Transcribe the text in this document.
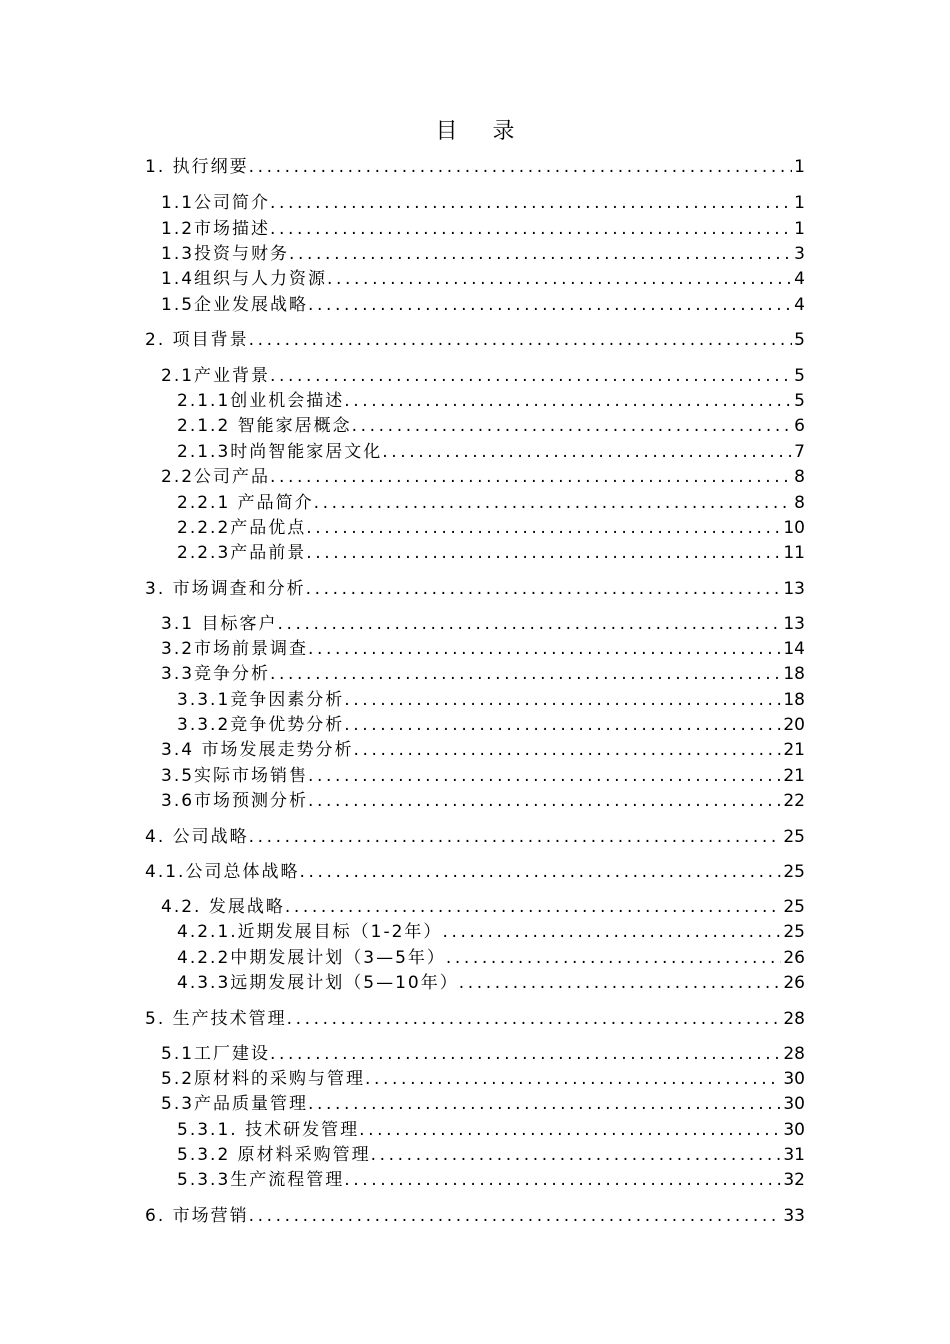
目 录
1. 执行纲要 .....	1
1.1公司简介 .....	1
1.2市场描述 .....	1
1.3投资与财务 .....	3
1.4组织与人力资源 .....	4
1.5企业发展战略 .....	4
2. 项目背景 .....	5
2.1产业背景 .....	5
2.1.1创业机会描述 .....	5
2.1.2 智能家居概念 .....	6
2.1.3时尚智能家居文化 .....	7
2.2公司产品 .....	8
2.2.1 产品简介 .....	8
2.2.2产品优点 .....	10
2.2.3产品前景 .....	11
3. 市场调查和分析 .....	13
3.1 目标客户 .....	13
3.2市场前景调查 .....	14
3.3竞争分析 .....	18
3.3.1竞争因素分析 .....	18
3.3.2竞争优势分析 .....	20
3.4 市场发展走势分析 .....	21
3.5实际市场销售 .....	21
3.6市场预测分析 .....	22
4. 公司战略 .....	25
4.1.公司总体战略 .....	25
4.2. 发展战略 .....	25
4.2.1.近期发展目标（1-2年） .....	25
4.2.2中期发展计划（3—5年） .....	26
4.3.3远期发展计划（5—10年） .....	26
5. 生产技术管理 .....	28
5.1工厂建设 .....	28
5.2原材料的采购与管理 .....	30
5.3产品质量管理 .....	30
5.3.1. 技术研发管理 .....	30
5.3.2 原材料采购管理 .....	31
5.3.3生产流程管理 .....	32
6. 市场营销 .....	33
